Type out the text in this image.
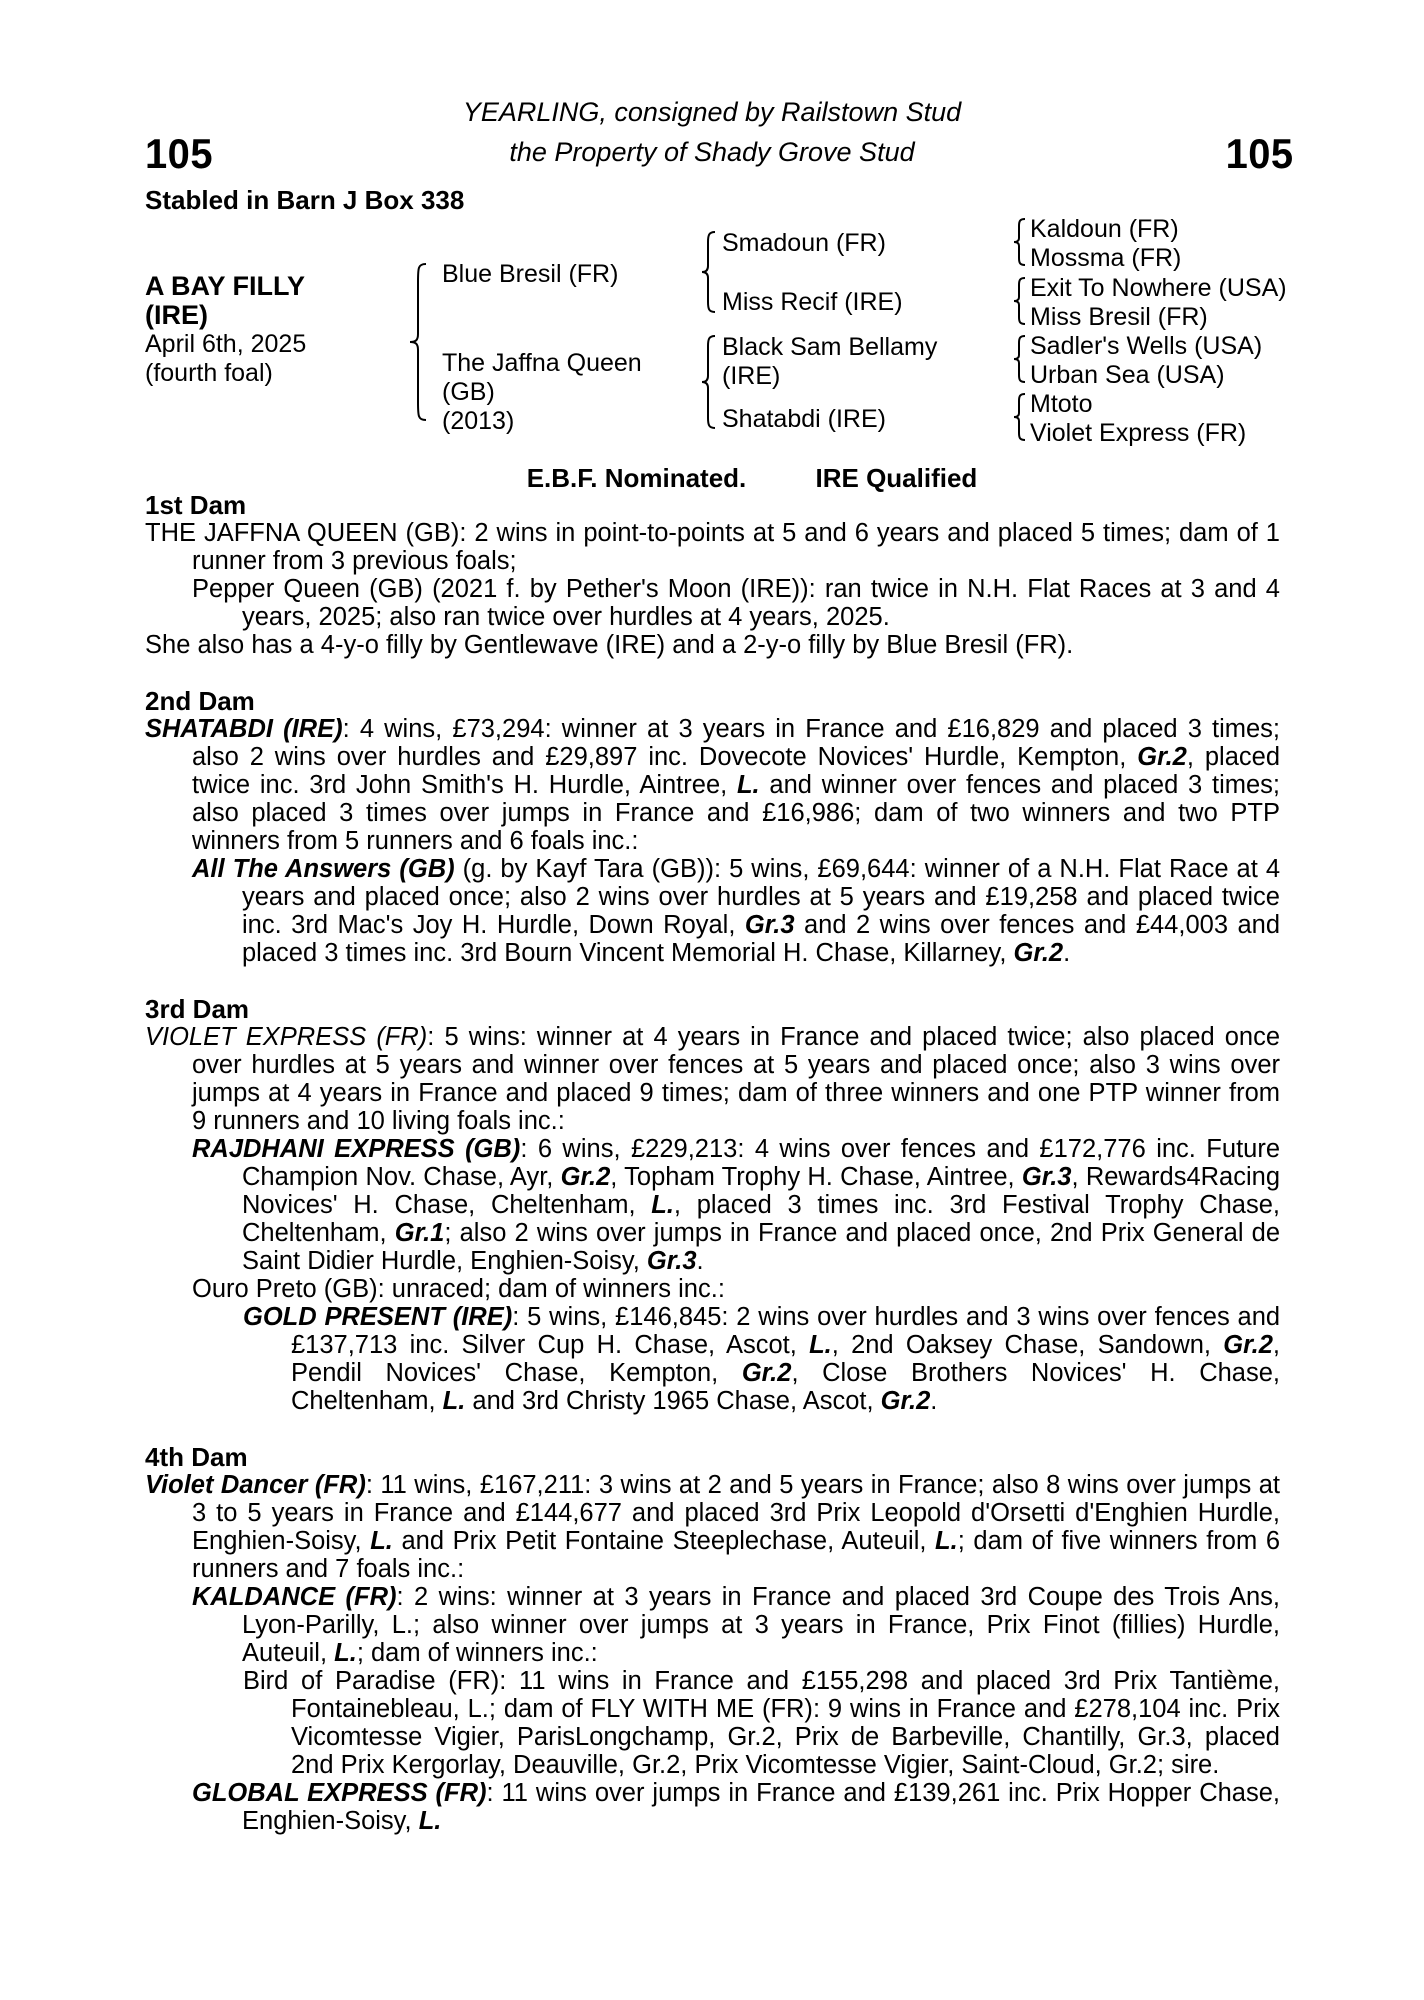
105	105
YEARLING, consigned by Railstown Stud
the Property of Shady Grove Stud
Stabled in Barn J Box 338
A BAY FILLY
(IRE)
April 6th, 2025
(fourth foal)
Blue Bresil (FR)
The Jaffna Queen
(GB)
(2013)
Smadoun (FR)
Miss Recif (IRE)
Black Sam Bellamy
(IRE)
Shatabdi (IRE)
Kaldoun (FR)
Mossma (FR)
Exit To Nowhere (USA)
Miss Bresil (FR)
Sadler's Wells (USA)
Urban Sea (USA)
Mtoto
Violet Express (FR)
E.B.F. Nominated.	IRE Qualified
1st Dam
THE JAFFNA QUEEN (GB): 2 wins in point-to-points at 5 and 6 years and placed 5 times; dam of 1 runner from 3 previous foals;
Pepper Queen (GB) (2021 f. by Pether's Moon (IRE)): ran twice in N.H. Flat Races at 3 and 4 years, 2025; also ran twice over hurdles at 4 years, 2025.
She also has a 4-y-o filly by Gentlewave (IRE) and a 2-y-o filly by Blue Bresil (FR).
2nd Dam
SHATABDI (IRE): 4 wins, £73,294: winner at 3 years in France and £16,829 and placed 3 times; also 2 wins over hurdles and £29,897 inc. Dovecote Novices' Hurdle, Kempton, Gr.2, placed twice inc. 3rd John Smith's H. Hurdle, Aintree, L. and winner over fences and placed 3 times; also placed 3 times over jumps in France and £16,986; dam of two winners and two PTP winners from 5 runners and 6 foals inc.:
All The Answers (GB) (g. by Kayf Tara (GB)): 5 wins, £69,644: winner of a N.H. Flat Race at 4 years and placed once; also 2 wins over hurdles at 5 years and £19,258 and placed twice inc. 3rd Mac's Joy H. Hurdle, Down Royal, Gr.3 and 2 wins over fences and £44,003 and placed 3 times inc. 3rd Bourn Vincent Memorial H. Chase, Killarney, Gr.2.
3rd Dam
VIOLET EXPRESS (FR): 5 wins: winner at 4 years in France and placed twice; also placed once over hurdles at 5 years and winner over fences at 5 years and placed once; also 3 wins over jumps at 4 years in France and placed 9 times; dam of three winners and one PTP winner from 9 runners and 10 living foals inc.:
RAJDHANI EXPRESS (GB): 6 wins, £229,213: 4 wins over fences and £172,776 inc. Future Champion Nov. Chase, Ayr, Gr.2, Topham Trophy H. Chase, Aintree, Gr.3, Rewards4Racing Novices' H. Chase, Cheltenham, L., placed 3 times inc. 3rd Festival Trophy Chase, Cheltenham, Gr.1; also 2 wins over jumps in France and placed once, 2nd Prix General de Saint Didier Hurdle, Enghien-Soisy, Gr.3.
Ouro Preto (GB): unraced; dam of winners inc.:
GOLD PRESENT (IRE): 5 wins, £146,845: 2 wins over hurdles and 3 wins over fences and £137,713 inc. Silver Cup H. Chase, Ascot, L., 2nd Oaksey Chase, Sandown, Gr.2, Pendil Novices' Chase, Kempton, Gr.2, Close Brothers Novices' H. Chase, Cheltenham, L. and 3rd Christy 1965 Chase, Ascot, Gr.2.
4th Dam
Violet Dancer (FR): 11 wins, £167,211: 3 wins at 2 and 5 years in France; also 8 wins over jumps at 3 to 5 years in France and £144,677 and placed 3rd Prix Leopold d'Orsetti d'Enghien Hurdle, Enghien-Soisy, L. and Prix Petit Fontaine Steeplechase, Auteuil, L.; dam of five winners from 6 runners and 7 foals inc.:
KALDANCE (FR): 2 wins: winner at 3 years in France and placed 3rd Coupe des Trois Ans, Lyon-Parilly, L.; also winner over jumps at 3 years in France, Prix Finot (fillies) Hurdle, Auteuil, L.; dam of winners inc.:
Bird of Paradise (FR): 11 wins in France and £155,298 and placed 3rd Prix Tantième, Fontainebleau, L.; dam of FLY WITH ME (FR): 9 wins in France and £278,104 inc. Prix Vicomtesse Vigier, ParisLongchamp, Gr.2, Prix de Barbeville, Chantilly, Gr.3, placed 2nd Prix Kergorlay, Deauville, Gr.2, Prix Vicomtesse Vigier, Saint-Cloud, Gr.2; sire.
GLOBAL EXPRESS (FR): 11 wins over jumps in France and £139,261 inc. Prix Hopper Chase, Enghien-Soisy, L.
